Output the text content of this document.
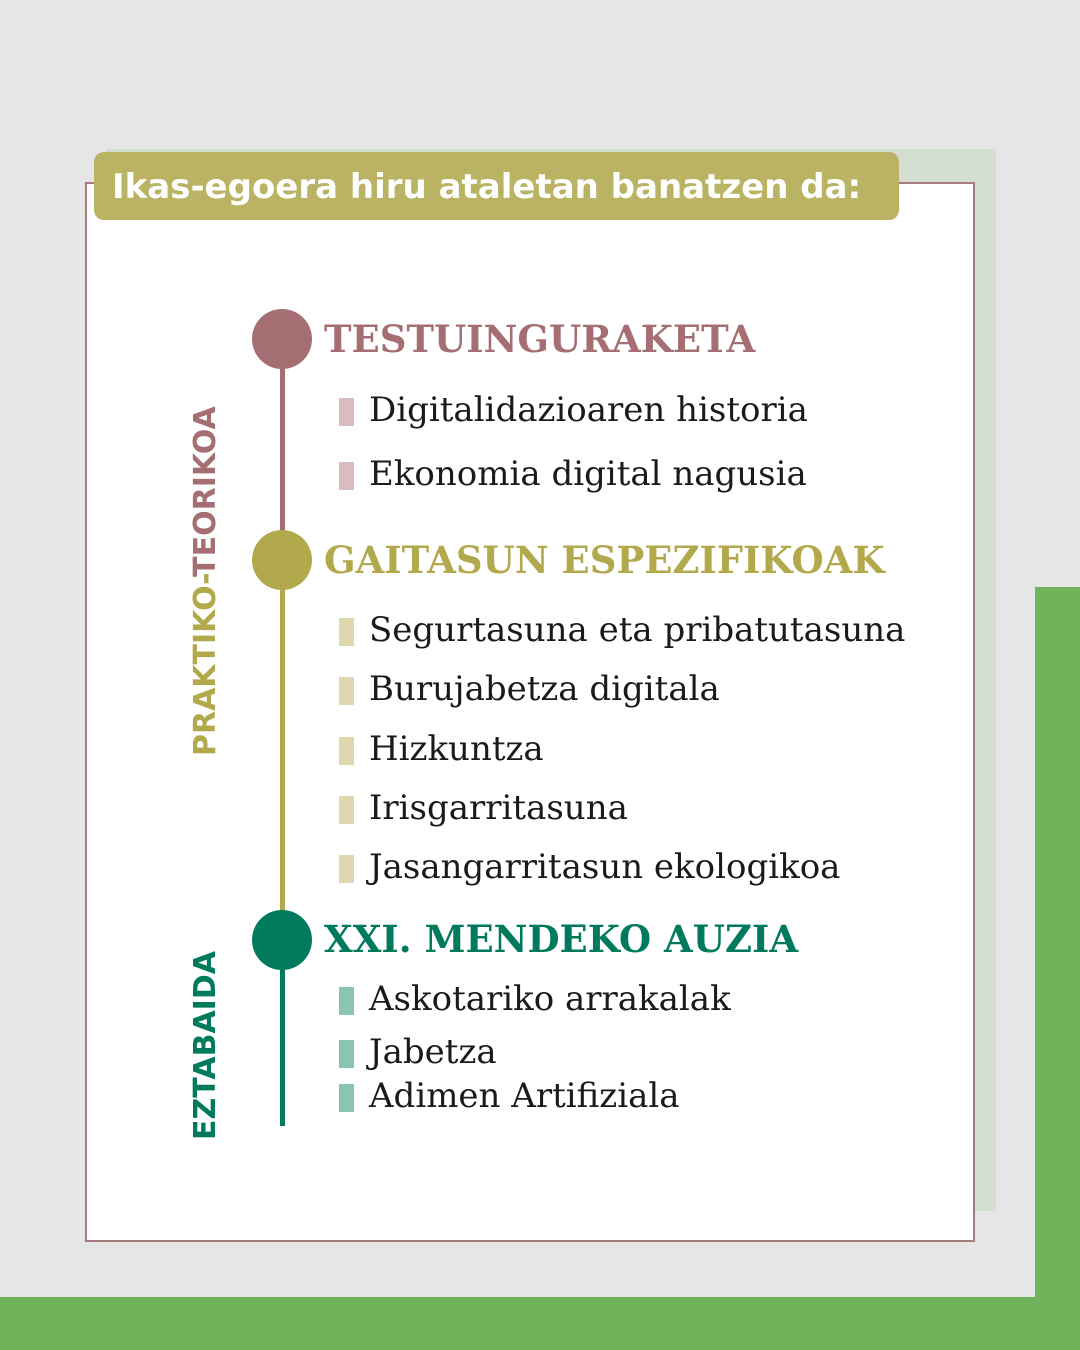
Ikas-egoera hiru ataletan banatzen da:
PRAKTIKO-TEORIKOA
EZTABAIDA
TESTUINGURAKETA
Digitalidazioaren historia
Ekonomia digital nagusia
GAITASUN ESPEZIFIKOAK
Segurtasuna eta pribatutasuna
Burujabetza digitala
Hizkuntza
Irisgarritasuna
Jasangarritasun ekologikoa
XXI. MENDEKO AUZIA
Askotariko arrakalak
Jabetza
Adimen Artifiziala
